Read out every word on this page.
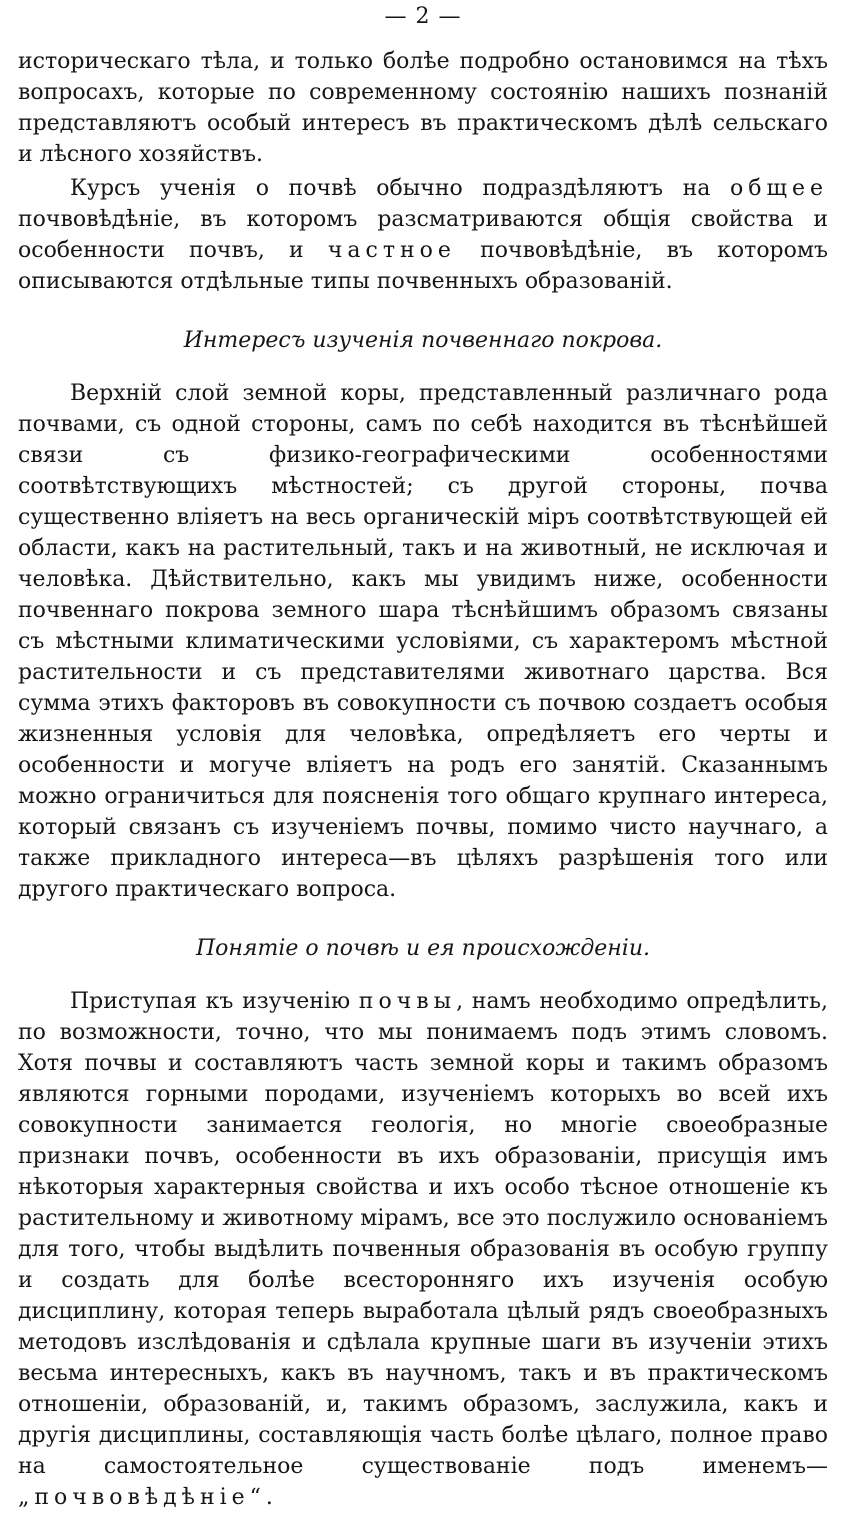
— 2 —

историческаго тѣла, и только болѣе подробно остановимся на тѣхъ вопросахъ, которые по современному состоянію нашихъ познаній представляютъ особый интересъ въ практическомъ дѣлѣ сельскаго и лѣсного хозяйствъ.

Курсъ ученія о почвѣ обычно подраздѣляютъ на общее почвовѣдѣніе, въ которомъ разсматриваются общія свойства и особенности почвъ, и частное почвовѣдѣніе, въ которомъ описываются отдѣльные типы почвенныхъ образованій.

Интересъ изученія почвеннаго покрова.

Верхній слой земной коры, представленный различнаго рода почвами, съ одной стороны, самъ по себѣ находится въ тѣснѣйшей связи съ физико-географическими особенностями соотвѣтствующихъ мѣстностей; съ другой стороны, почва существенно вліяетъ на весь органическій міръ соотвѣтствующей ей области, какъ на растительный, такъ и на животный, не исключая и человѣка. Дѣйствительно, какъ мы увидимъ ниже, особенности почвеннаго покрова земного шара тѣснѣйшимъ образомъ связаны съ мѣстными климатическими условіями, съ характеромъ мѣстной растительности и съ представителями животнаго царства. Вся сумма этихъ факторовъ въ совокупности съ почвою создаетъ особыя жизненныя условія для человѣка, опредѣляетъ его черты и особенности и могуче вліяетъ на родъ его занятій. Сказаннымъ можно ограничиться для поясненія того общаго крупнаго интереса, который связанъ съ изученіемъ почвы, помимо чисто научнаго, а также прикладного интереса—въ цѣляхъ разрѣшенія того или другого практическаго вопроса.

Понятіе о почвѣ и ея происхожденіи.

Приступая къ изученію почвы, намъ необходимо опредѣлить, по возможности, точно, что мы понимаемъ подъ этимъ словомъ. Хотя почвы и составляютъ часть земной коры и такимъ образомъ являются горными породами, изученіемъ которыхъ во всей ихъ совокупности занимается геологія, но многіе своеобразные признаки почвъ, особенности въ ихъ образованіи, присущія имъ нѣкоторыя характерныя свойства и ихъ особо тѣсное отношеніе къ растительному и животному мірамъ, все это послужило основаніемъ для того, чтобы выдѣлить почвенныя образованія въ особую группу и создать для болѣе всесторонняго ихъ изученія особую дисциплину, которая теперь выработала цѣлый рядъ своеобразныхъ методовъ изслѣдованія и сдѣлала крупные шаги въ изученіи этихъ весьма интересныхъ, какъ въ научномъ, такъ и въ практическомъ отношеніи, образованій, и, такимъ образомъ, заслужила, какъ и другія дисциплины, составляющія часть болѣе цѣлаго, полное право на самостоятельное существованіе подъ именемъ—„почвовѣдѣніе“.
